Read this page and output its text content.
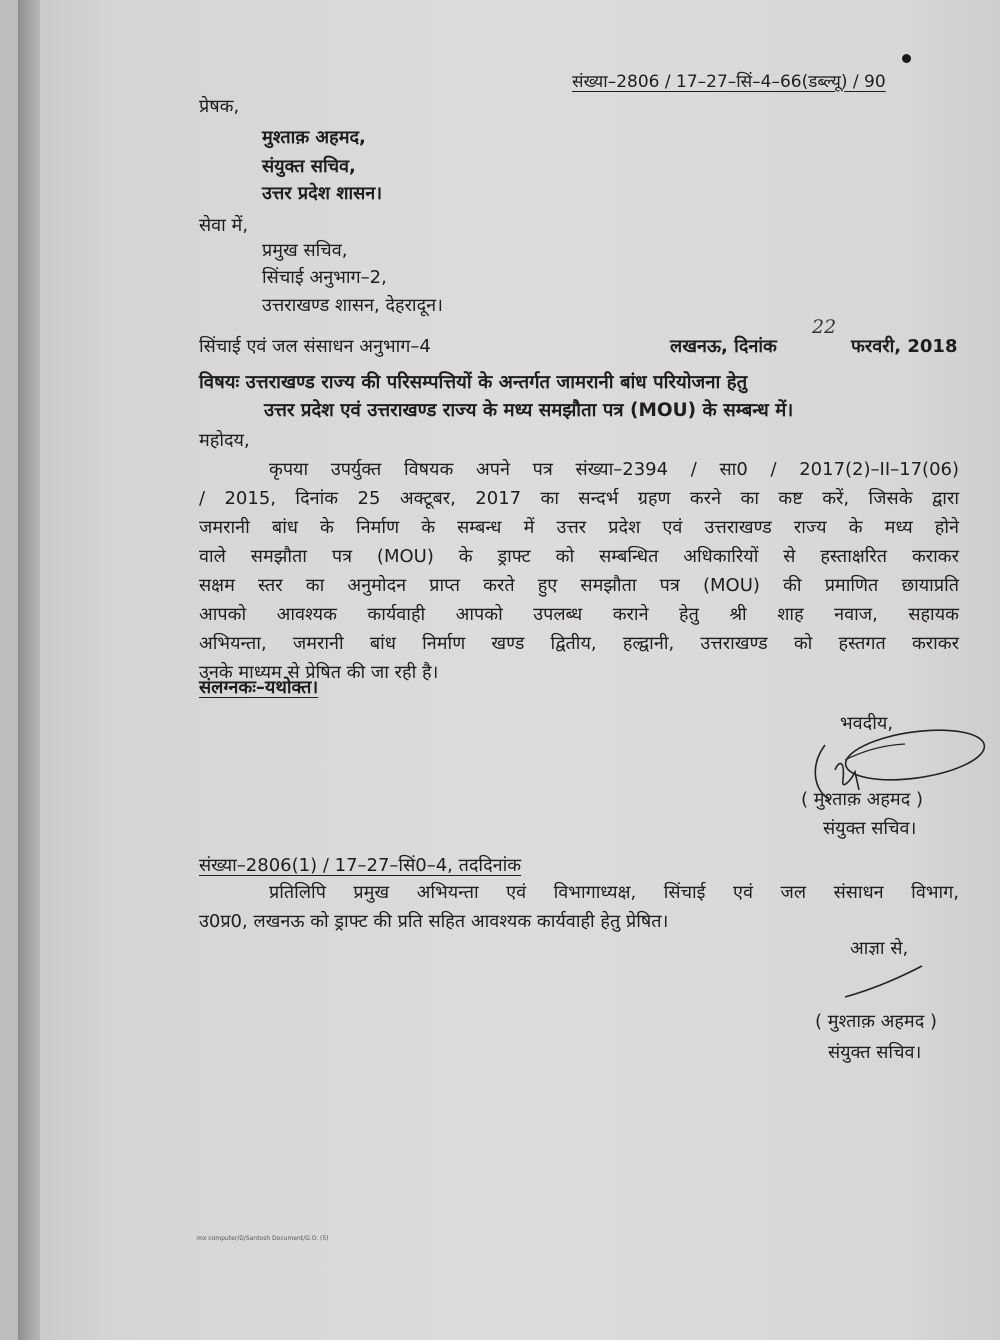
संख्या–2806 / 17–27–सिं–4–66(डब्ल्यू) / 90
प्रेषक,
मुश्ताक़ अहमद,
संयुक्त सचिव,
उत्तर प्रदेश शासन।
सेवा में,
प्रमुख सचिव,
सिंचाई अनुभाग–2,
उत्तराखण्ड शासन, देहरादून।
सिंचाई एवं जल संसाधन अनुभाग–4	लखनऊ, दिनांक
22
फरवरी, 2018
विषयः उत्तराखण्ड राज्य की परिसम्पत्तियों के अन्तर्गत जामरानी बांध परियोजना हेतु
उत्तर प्रदेश एवं उत्तराखण्ड राज्य के मध्य समझौता पत्र (MOU) के सम्बन्ध में।
महोदय,
कृपया उपर्युक्त विषयक अपने पत्र संख्या–2394 / सा0 / 2017(2)–II–17(06)
/ 2015, दिनांक 25 अक्टूबर, 2017 का सन्दर्भ ग्रहण करने का कष्ट करें, जिसके द्वारा
जमरानी बांध के निर्माण के सम्बन्ध में उत्तर प्रदेश एवं उत्तराखण्ड राज्य के मध्य होने
वाले समझौता पत्र (MOU) के ड्राफ्ट को सम्बन्धित अधिकारियों से हस्ताक्षरित कराकर
सक्षम स्तर का अनुमोदन प्राप्त करते हुए समझौता पत्र (MOU) की प्रमाणित छायाप्रति
आपको आवश्यक कार्यवाही आपको उपलब्ध कराने हेतु श्री शाह नवाज, सहायक
अभियन्ता, जमरानी बांध निर्माण खण्ड द्वितीय, हल्द्वानी, उत्तराखण्ड को हस्तगत कराकर
उनके माध्यम से प्रेषित की जा रही है।
संलग्नकः–यथोक्त।
भवदीय,
( मुश्ताक़ अहमद )
संयुक्त सचिव।
संख्या–2806(1) / 17–27–सिं0–4, तददिनांक
प्रतिलिपि प्रमुख अभियन्ता एवं विभागाध्यक्ष, सिंचाई एवं जल संसाधन विभाग,
उ0प्र0, लखनऊ को ड्राफ्ट की प्रति सहित आवश्यक कार्यवाही हेतु प्रेषित।
आज्ञा से,
( मुश्ताक़ अहमद )
संयुक्त सचिव।
mx computer/D/Santosh Document/G.O. (5)
